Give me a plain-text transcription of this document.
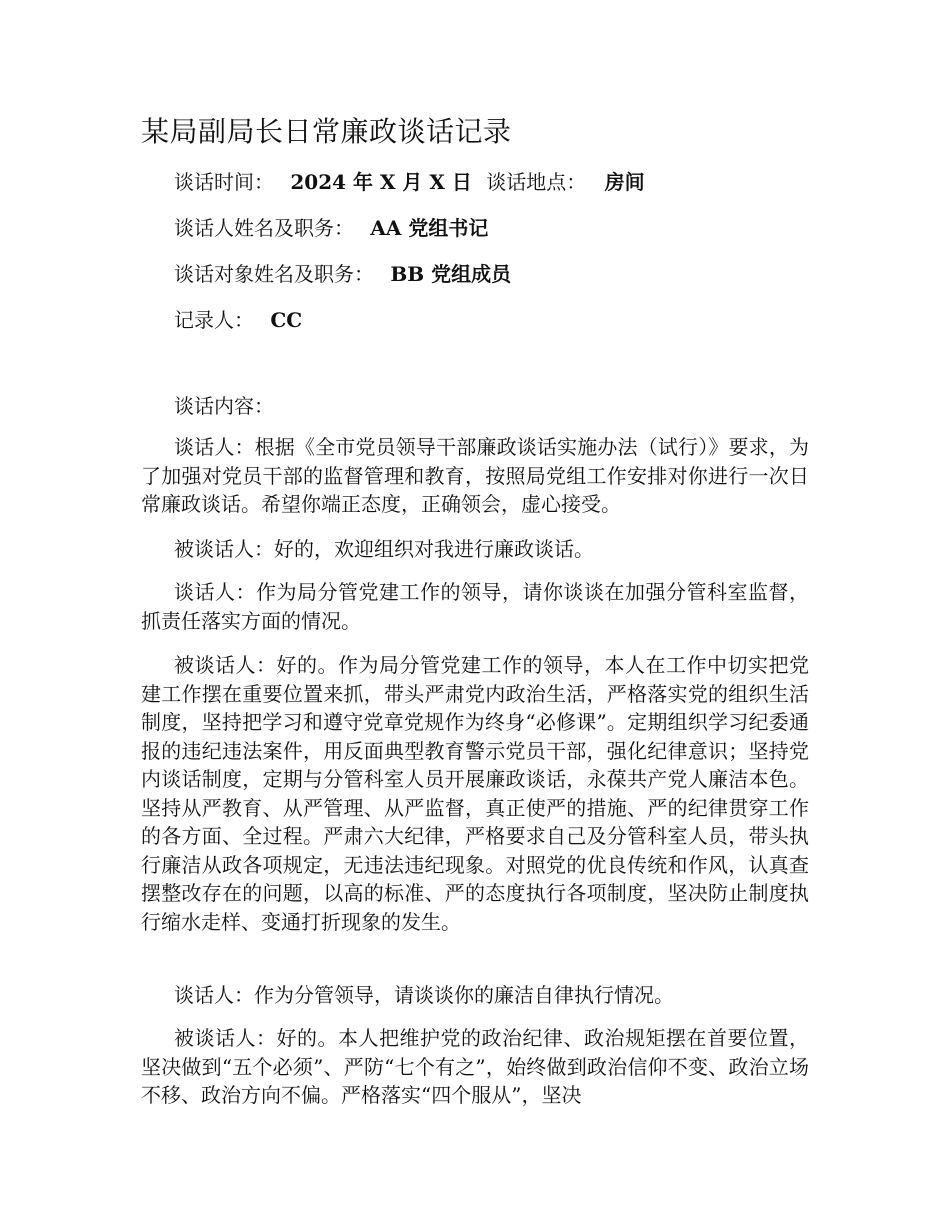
某局副局长日常廉政谈话记录
谈话时间： 2024 年 X 月 X 日 谈话地点： 房间
谈话人姓名及职务： AA 党组书记
谈话对象姓名及职务： BB 党组成员
记录人： CC
谈话内容：

谈话人：根据《全市党员领导干部廉政谈话实施办法（试行）》要求，为了加强对党员干部的监督管理和教育，按照局党组工作安排对你进行一次日常廉政谈话。希望你端正态度，正确领会，虚心接受。

被谈话人：好的，欢迎组织对我进行廉政谈话。

谈话人：作为局分管党建工作的领导，请你谈谈在加强分管科室监督，抓责任落实方面的情况。

被谈话人：好的。作为局分管党建工作的领导，本人在工作中切实把党建工作摆在重要位置来抓，带头严肃党内政治生活，严格落实党的组织生活制度，坚持把学习和遵守党章党规作为终身“必修课”。定期组织学习纪委通报的违纪违法案件，用反面典型教育警示党员干部，强化纪律意识；坚持党内谈话制度，定期与分管科室人员开展廉政谈话，永葆共产党人廉洁本色。坚持从严教育、从严管理、从严监督，真正使严的措施、严的纪律贯穿工作的各方面、全过程。严肃六大纪律，严格要求自己及分管科室人员，带头执行廉洁从政各项规定，无违法违纪现象。对照党的优良传统和作风，认真查摆整改存在的问题，以高的标准、严的态度执行各项制度，坚决防止制度执行缩水走样、变通打折现象的发生。

谈话人：作为分管领导，请谈谈你的廉洁自律执行情况。

被谈话人：好的。本人把维护党的政治纪律、政治规矩摆在首要位置，坚决做到“五个必须”、严防“七个有之”，始终做到政治信仰不变、政治立场不移、政治方向不偏。严格落实“四个服从”，坚决
